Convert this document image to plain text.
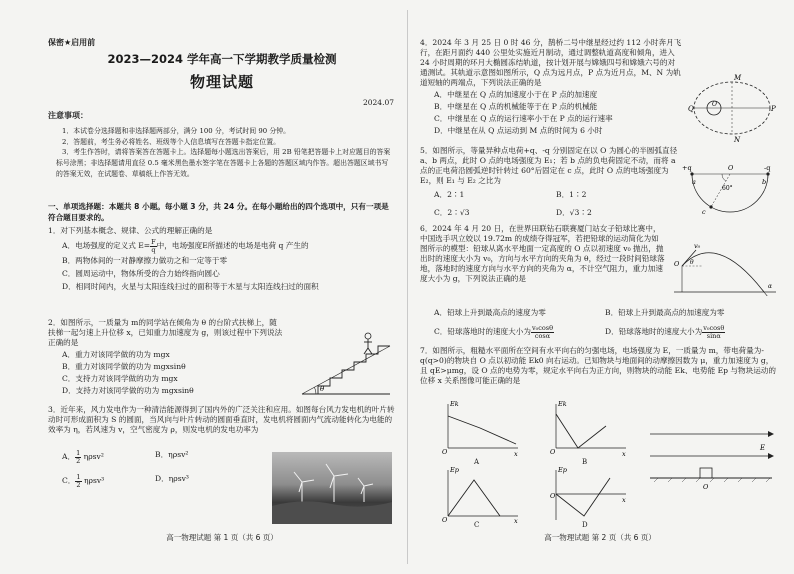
保密★启用前
2023—2024 学年高一下学期教学质量检测
物理试题
2024.07
注意事项：

1．本试卷分选择题和非选择题两部分，满分 100 分，考试时间 90 分钟。

2．答题前，考生务必将姓名、班级等个人信息填写在答题卡指定位置。

3．考生作答时，请将答案答在答题卡上。选择题每小题选出答案后，用 2B 铅笔把答题卡上对应题目的答案标号涂黑；非选择题请用直径 0.5 毫米黑色墨水签字笔在答题卡上各题的答题区域内作答。超出答题区域书写的答案无效，在试题卷、草稿纸上作答无效。

一、单项选择题：本题共 8 小题。每小题 3 分，共 24 分。在每小题给出的四个选项中，只有一项是符合题目要求的。
1．对下列基本概念、规律、公式的理解正确的是
A．电场强度的定义式 $E= \frac{F}{q}$ 中，电场强度E所描述的电场是电荷 q 产生的
B．两物体间的一对静摩擦力做功之和一定等于零
C．圆周运动中，物体所受的合力始终指向圆心
D．相同时间内，火星与太阳连线扫过的面积等于木星与太阳连线扫过的面积
2．如图所示，一质量为 m的同学站在倾角为 θ 的台阶式扶梯上，随扶梯一起匀速上升位移 x，已知重力加速度为 g，则该过程中下列说法正确的是
A．重力对该同学做的功为 mgx
B．重力对该同学做的功为 mgxsinθ
C．支持力对该同学做的功为 mgx
D．支持力对该同学做的功为 mgxsinθ	θ
3．近年来，风力发电作为一种清洁能源得到了国内外的广泛关注和应用。如图每台风力发电机的叶片转动时可形成面积为 S 的圆面，当风向与叶片转动的圆面垂直时，发电机将圆面内气流动能转化为电能的效率为 η，若风速为 v，空气密度为 ρ，则发电机的发电功率为
A． $\frac{1}{2} \eta\rho sv^2$	B．ηρsv²
C． $\frac{1}{2} \eta\rho sv^3$	D．ηρsv³
高一物理试题 第 1 页（共 6 页）
4．2024 年 3 月 25 日 0 时 46 分，鹊桥二号中继星经过约 112 小时奔月飞行，在距月面约 440 公里处实施近月制动，通过调整轨道高度和倾角，进入 24 小时周期的环月大椭圆冻结轨道，按计划开展与嫦娥四号和嫦娥六号的对通测试。其轨道示意图如图所示，Q 点为远月点，P 点为近月点，M、N 为轨道短轴的两端点，下列说法正确的是
A．中继星在 Q 点的加速度小于在 P 点的加速度
B．中继星在 Q 点的机械能等于在 P 点的机械能
C．中继星在 Q 点的运行速率小于在 P 点的运行速率
D．中继星在从 Q 点运动到 M 点的时间为 6 小时
M
N
Q	P
O
5．如图所示，等量异种点电荷+q、-q 分别固定在以 O 为圆心的半圆弧直径 a、b 两点，此时 O 点的电场强度为 E₁；若 b 点的负电荷固定不动，而将 a 点的正电荷沿圆弧逆时针转过 60°后固定在 c 点，此时 O 点的电场强度为 E₂，则 E₁ 与 E₂ 之比为
A．2∶1	B．1∶2
C．2∶√3	D．√3∶2
+q
a
O
b
-q
c
60°
6．2024 年 4 月 20 日，在世界田联钻石联赛厦门站女子铅球比赛中，中国选手巩立姣以 19.72m 的成绩夺得冠军，若把铅球的运动简化为如图所示的模型：铅球从离水平地面一定高度的 O 点以初速度 v₀ 抛出，抛出时的速度大小为 v₀，方向与水平方向的夹角为 θ，经过一段时间铅球落地，落地时的速度方向与水平方向的夹角为 α，不计空气阻力，重力加速度大小为 g，下列说法正确的是
v₀
O θ
α
A．铅球上升到最高点的速度为零	B．铅球上升到最高点的加速度为零
C．铅球落地时的速度大小为 $\frac{\text{v₀cosθ}}{\cos\alpha}$	D．铅球落地时的速度大小为 $\frac{\text{v₀cosθ}}{\sin\alpha}$
7．如图所示，粗糙水平面所在空间有水平向右的匀强电场，电场强度为 E，一质量为 m，带电荷量为-q(q>0)的物块自 O 点以初动能 Ek0 向右运动。已知物块与地面间的动摩擦因数为 μ，重力加速度为 g，且 qE>μmg，设 O 点的电势为零，规定水平向右为正方向，则物块的动能 Ek、电势能 Ep 与物块运动的位移 x 关系图像可能正确的是
Ek
O	x
A
Ek
O	x
B
Ep
O	x
C
Ep
O	x
D
E
O
高一物理试题 第 2 页（共 6 页）
